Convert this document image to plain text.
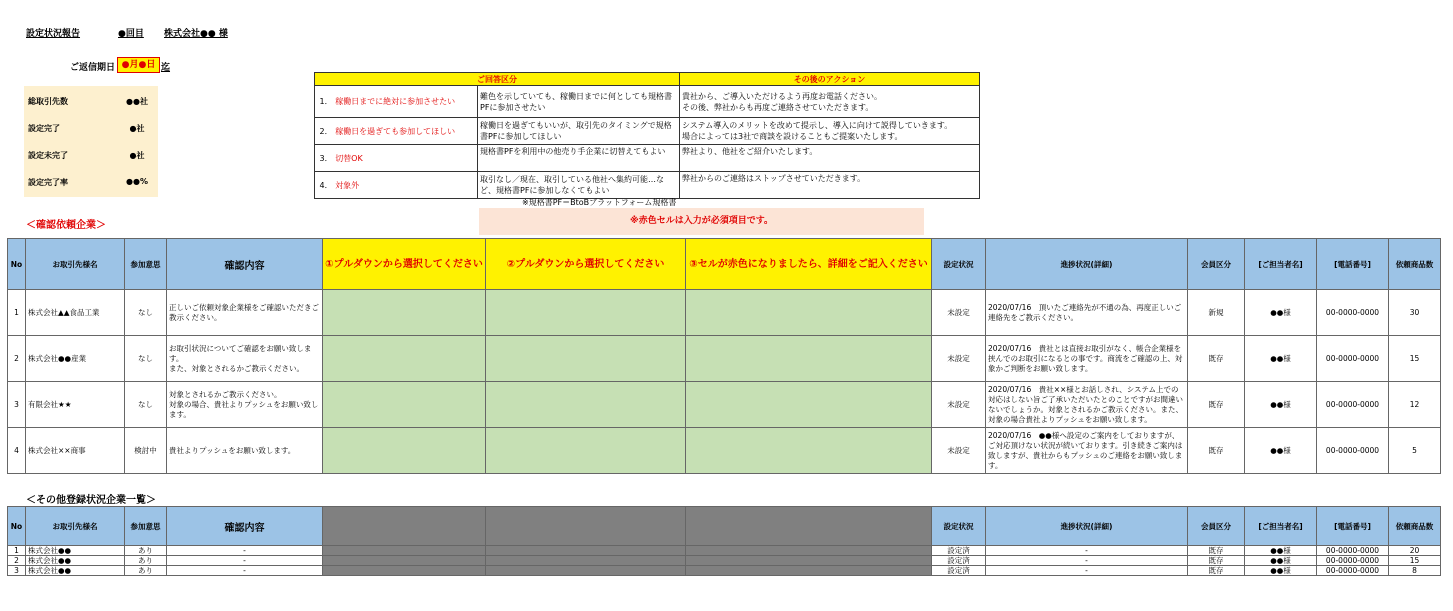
設定状況報告	●回目 株式会社●● 様
ご返信期日 ●月●日 迄
総取引先数	●●社
設定完了	●社
設定未完了	●社
設定完了率	●●%
ご回答区分		その後のアクション
1． 稼働日までに絶対に参加させたい	難色を示していても、稼働日までに何としても規格書PFに参加させたい	貴社から、ご導入いただけるよう再度お電話ください。
その後、弊社からも再度ご連絡させていただきます。
2． 稼働日を過ぎても参加してほしい	稼働日を過ぎてもいいが、取引先のタイミングで規格書PFに参加してほしい	システム導入のメリットを改めて提示し、導入に向けて説得していきます。
場合によっては3社で商談を設けることもご提案いたします。
3． 切替OK	規格書PFを利用中の他売り手企業に切替えてもよい	弊社より、他社をご紹介いたします。
4． 対象外	取引なし／現在、取引している他社へ集約可能…など、規格書PFに参加しなくてもよい	弊社からのご連絡はストップさせていただきます。
※規格書PF＝BtoBプラットフォーム規格書
※赤色セルは入力が必須項目です。
＜確認依頼企業＞
No	お取引先様名	参加意思	確認内容	①プルダウンから選択してください	②プルダウンから選択してください	③セルが赤色になりましたら、詳細をご記入ください	設定状況	進捗状況(詳細)	会員区分	[ご担当者名]	[電話番号]	依頼商品数
1	株式会社▲▲食品工業	なし	正しいご依頼対象企業様をご確認いただきご教示ください。				未設定	2020/07/16　頂いたご連絡先が不通の為、再度正しいご連絡先をご教示ください。	新規	●●様	00-0000-0000	30
2	株式会社●●産業	なし	お取引状況についてご確認をお願い致します。
また、対象とされるかご教示ください。				未設定	2020/07/16　貴社とは直接お取引がなく、帳合企業様を挟んでのお取引になるとの事です。商流をご確認の上、対象かご判断をお願い致します。	既存	●●様	00-0000-0000	15
3	有限会社★★	なし	対象とされるかご教示ください。
対象の場合、貴社よりプッシュをお願い致します。				未設定	2020/07/16　貴社××様とお話しされ、システム上での対応はしない旨ご了承いただいたとのことですがお間違いないでしょうか。対象とされるかご教示ください。また、対象の場合貴社よりプッシュをお願い致します。	既存	●●様	00-0000-0000	12
4	株式会社××商事	検討中	貴社よりプッシュをお願い致します。				未設定	2020/07/16　●●様へ設定のご案内をしておりますが、ご対応頂けない状況が続いております。引き続きご案内は致しますが、貴社からもプッシュのご連絡をお願い致します。	既存	●●様	00-0000-0000	5
＜その他登録状況企業一覧＞
No	お取引先様名	参加意思	確認内容				設定状況	進捗状況(詳細)	会員区分	[ご担当者名]	[電話番号]	依頼商品数
1	株式会社●●	あり	-				設定済	-	既存	●●様	00-0000-0000	20
2	株式会社●●	あり	-				設定済	-	既存	●●様	00-0000-0000	15
3	株式会社●●	あり	-				設定済	-	既存	●●様	00-0000-0000	8
